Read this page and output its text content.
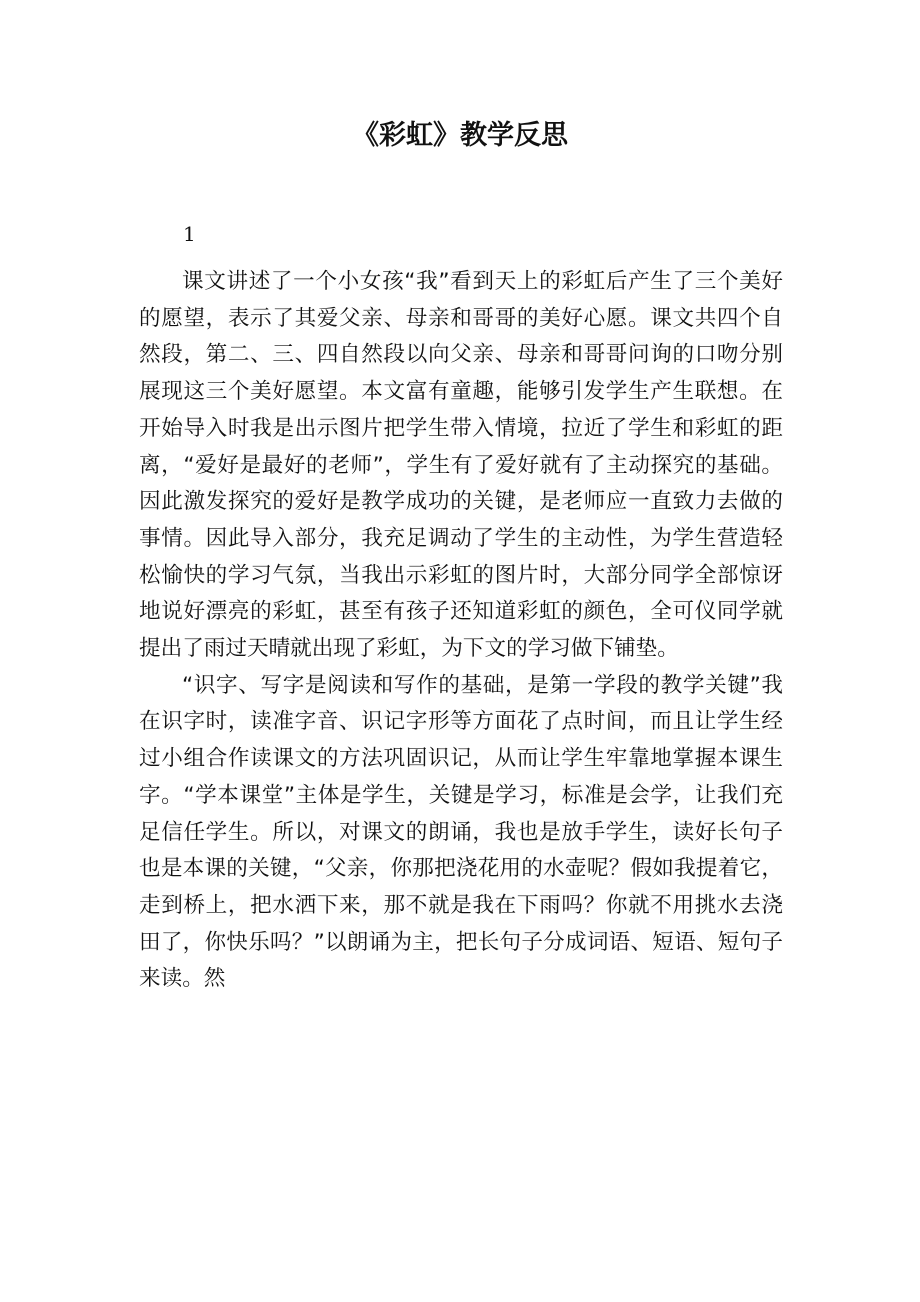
《彩虹》教学反思
1

课文讲述了一个小女孩“我”看到天上的彩虹后产生了三个美好的愿望，表示了其爱父亲、母亲和哥哥的美好心愿。课文共四个自然段，第二、三、四自然段以向父亲、母亲和哥哥问询的口吻分别展现这三个美好愿望。本文富有童趣，能够引发学生产生联想。在开始导入时我是出示图片把学生带入情境，拉近了学生和彩虹的距离，“爱好是最好的老师”，学生有了爱好就有了主动探究的基础。因此激发探究的爱好是教学成功的关键，是老师应一直致力去做的事情。因此导入部分，我充足调动了学生的主动性，为学生营造轻松愉快的学习气氛，当我出示彩虹的图片时，大部分同学全部惊讶地说好漂亮的彩虹，甚至有孩子还知道彩虹的颜色，全可仪同学就提出了雨过天晴就出现了彩虹，为下文的学习做下铺垫。

“识字、写字是阅读和写作的基础，是第一学段的教学关键”我在识字时，读准字音、识记字形等方面花了点时间，而且让学生经过小组合作读课文的方法巩固识记，从而让学生牢靠地掌握本课生字。“学本课堂”主体是学生，关键是学习，标准是会学，让我们充足信任学生。所以，对课文的朗诵，我也是放手学生，读好长句子也是本课的关键，“父亲，你那把浇花用的水壶呢？假如我提着它，走到桥上，把水洒下来，那不就是我在下雨吗？你就不用挑水去浇田了，你快乐吗？”以朗诵为主，把长句子分成词语、短语、短句子来读。然
